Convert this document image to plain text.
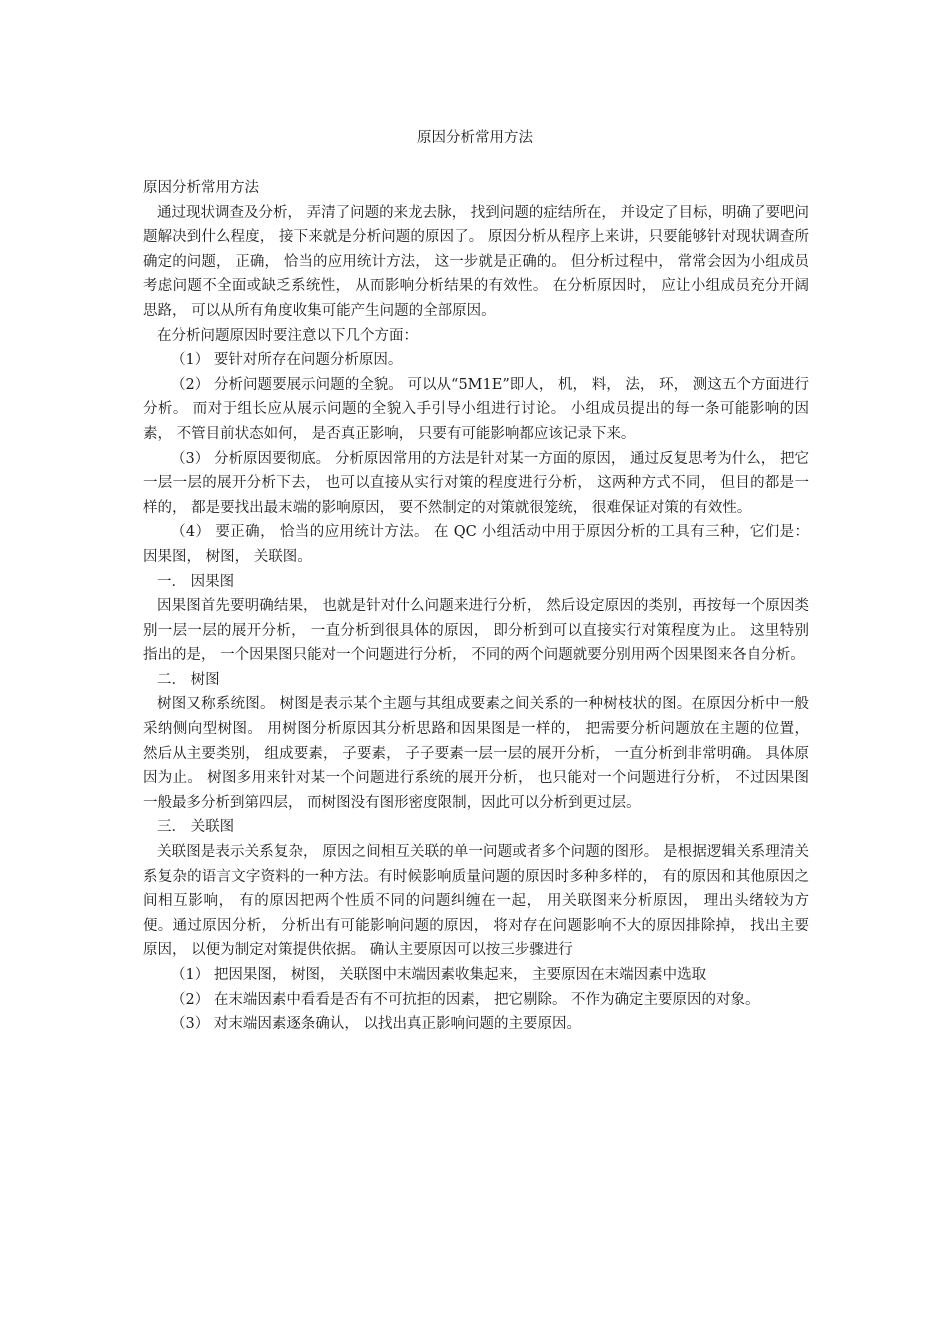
原因分析常用方法

原因分析常用方法

通过现状调查及分析， 弄清了问题的来龙去脉， 找到问题的症结所在， 并设定了目标，明确了要吧问题解决到什么程度， 接下来就是分析问题的原因了。 原因分析从程序上来讲，只要能够针对现状调查所确定的问题， 正确， 恰当的应用统计方法， 这一步就是正确的。 但分析过程中， 常常会因为小组成员考虑问题不全面或缺乏系统性， 从而影响分析结果的有效性。 在分析原因时， 应让小组成员充分开阔思路， 可以从所有角度收集可能产生问题的全部原因。

在分析问题原因时要注意以下几个方面：

（1） 要针对所存在问题分析原因。

（2） 分析问题要展示问题的全貌。 可以从“5M1E”即人， 机， 料， 法， 环， 测这五个方面进行分析。 而对于组长应从展示问题的全貌入手引导小组进行讨论。 小组成员提出的每一条可能影响的因素， 不管目前状态如何， 是否真正影响， 只要有可能影响都应该记录下来。

（3） 分析原因要彻底。 分析原因常用的方法是针对某一方面的原因， 通过反复思考为什么， 把它一层一层的展开分析下去， 也可以直接从实行对策的程度进行分析， 这两种方式不同， 但目的都是一样的， 都是要找出最末端的影响原因， 要不然制定的对策就很笼统， 很难保证对策的有效性。

（4） 要正确， 恰当的应用统计方法。 在 QC 小组活动中用于原因分析的工具有三种，它们是： 因果图， 树图， 关联图。

一． 因果图

因果图首先要明确结果， 也就是针对什么问题来进行分析， 然后设定原因的类别，再按每一个原因类别一层一层的展开分析， 一直分析到很具体的原因， 即分析到可以直接实行对策程度为止。 这里特别指出的是， 一个因果图只能对一个问题进行分析， 不同的两个问题就要分别用两个因果图来各自分析。

二． 树图

树图又称系统图。 树图是表示某个主题与其组成要素之间关系的一种树枝状的图。在原因分析中一般采纳侧向型树图。 用树图分析原因其分析思路和因果图是一样的， 把需要分析问题放在主题的位置， 然后从主要类别， 组成要素， 子要素， 子子要素一层一层的展开分析， 一直分析到非常明确。 具体原因为止。 树图多用来针对某一个问题进行系统的展开分析， 也只能对一个问题进行分析， 不过因果图一般最多分析到第四层， 而树图没有图形密度限制，因此可以分析到更过层。

三． 关联图

关联图是表示关系复杂， 原因之间相互关联的单一问题或者多个问题的图形。 是根据逻辑关系理清关系复杂的语言文字资料的一种方法。有时候影响质量问题的原因时多种多样的， 有的原因和其他原因之间相互影响， 有的原因把两个性质不同的问题纠缠在一起， 用关联图来分析原因， 理出头绪较为方便。通过原因分析， 分析出有可能影响问题的原因， 将对存在问题影响不大的原因排除掉， 找出主要原因， 以便为制定对策提供依据。 确认主要原因可以按三步骤进行

（1） 把因果图， 树图， 关联图中末端因素收集起来， 主要原因在末端因素中选取

（2） 在末端因素中看看是否有不可抗拒的因素， 把它剔除。 不作为确定主要原因的对象。

（3） 对末端因素逐条确认， 以找出真正影响问题的主要原因。
